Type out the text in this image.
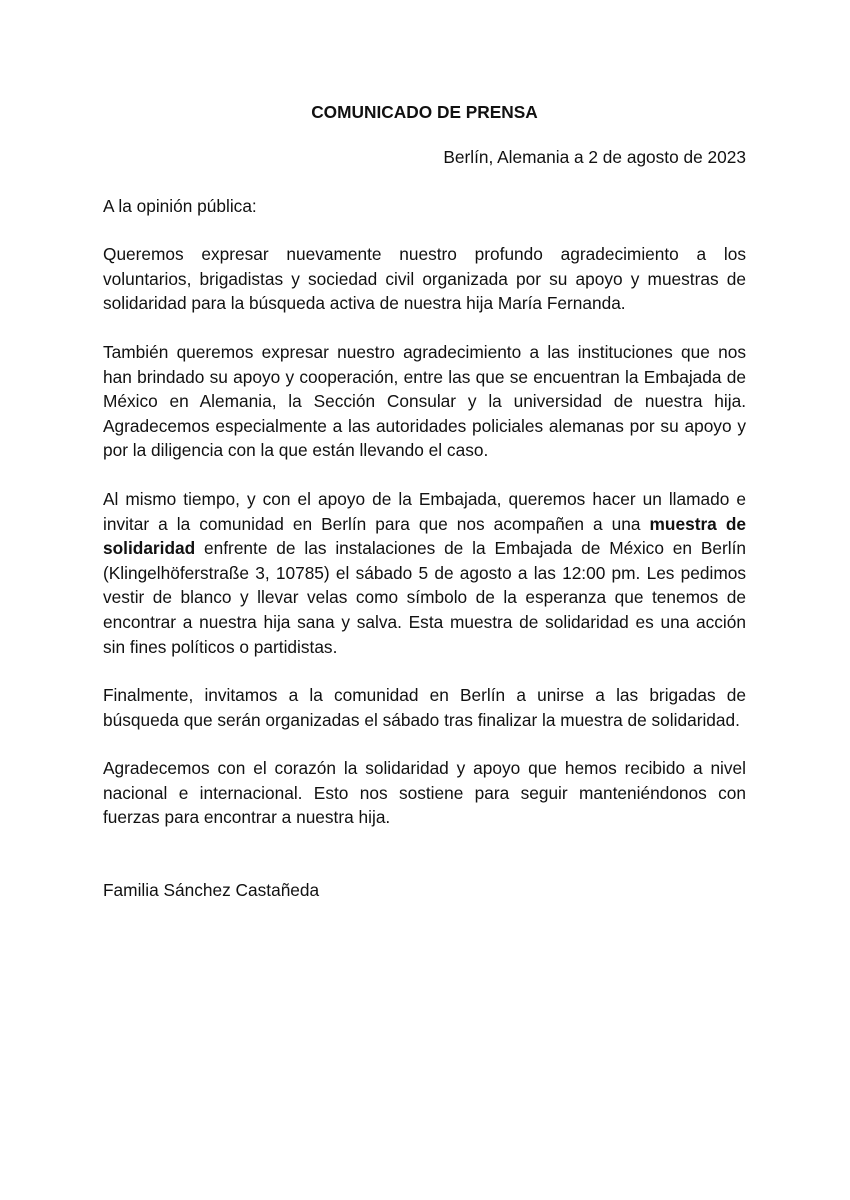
COMUNICADO DE PRENSA

Berlín, Alemania a 2 de agosto de 2023

A la opinión pública:

Queremos expresar nuevamente nuestro profundo agradecimiento a los voluntarios, brigadistas y sociedad civil organizada por su apoyo y muestras de solidaridad para la búsqueda activa de nuestra hija María Fernanda.

También queremos expresar nuestro agradecimiento a las instituciones que nos han brindado su apoyo y cooperación, entre las que se encuentran la Embajada de México en Alemania, la Sección Consular y la universidad de nuestra hija. Agradecemos especialmente a las autoridades policiales alemanas por su apoyo y por la diligencia con la que están llevando el caso.

Al mismo tiempo, y con el apoyo de la Embajada, queremos hacer un llamado e invitar a la comunidad en Berlín para que nos acompañen a una muestra de solidaridad enfrente de las instalaciones de la Embajada de México en Berlín (Klingelhöferstraße 3, 10785) el sábado 5 de agosto a las 12:00 pm. Les pedimos vestir de blanco y llevar velas como símbolo de la esperanza que tenemos de encontrar a nuestra hija sana y salva. Esta muestra de solidaridad es una acción sin fines políticos o partidistas.

Finalmente, invitamos a la comunidad en Berlín a unirse a las brigadas de búsqueda que serán organizadas el sábado tras finalizar la muestra de solidaridad.

Agradecemos con el corazón la solidaridad y apoyo que hemos recibido a nivel nacional e internacional. Esto nos sostiene para seguir manteniéndonos con fuerzas para encontrar a nuestra hija.

Familia Sánchez Castañeda
